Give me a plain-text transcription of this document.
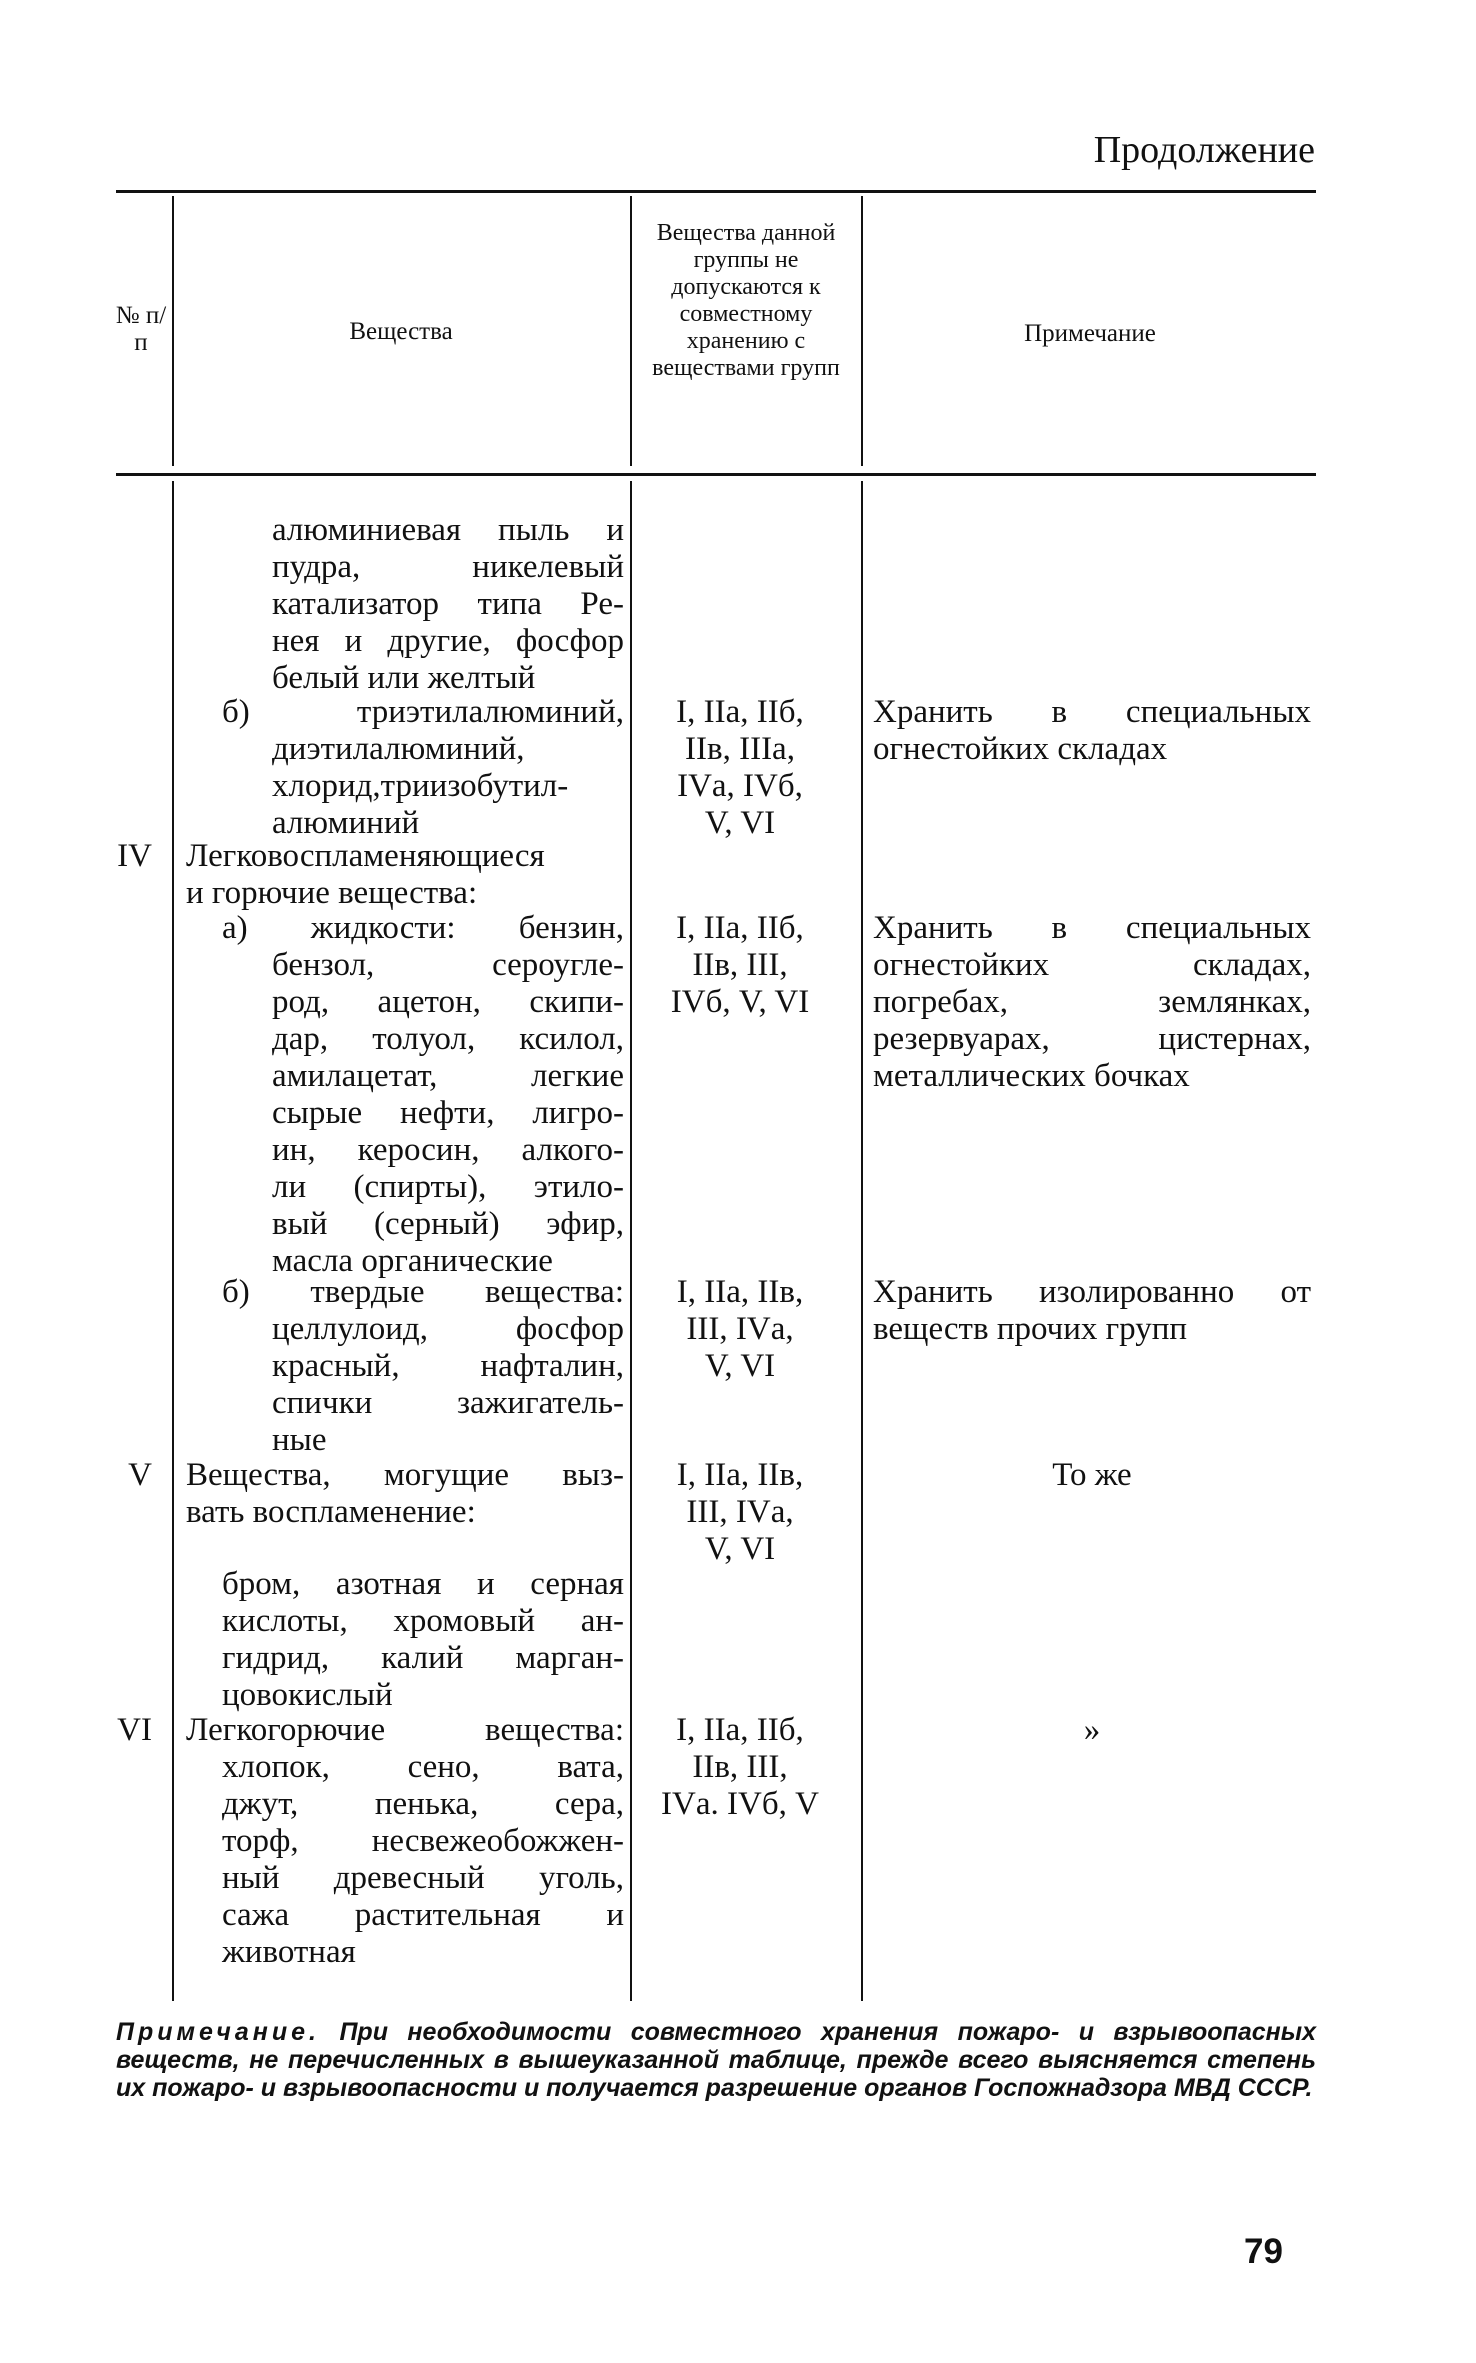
Продолжение
№ п/п	Вещества
Вещества данной группы не допускаются к совместному хранению с веществами групп
Примечание
алюминиевая пыль и
пудра, никелевый
катализатор типа Ре-
нея и другие, фосфор
белый или желтый
б) триэтилалюминий,
диэтилалюминий,
хлорид,триизобутил-
алюминий
I, IIа, IIб,
IIв, IIIа,
IVа, IVб,
V, VI
Хранить в специальных огнестойких складах
IV Легковоспламеняющиеся
и горючие вещества:
а) жидкости: бензин,
бензол, сероугле-
род, ацетон, скипи-
дар, толуол, ксилол,
амилацетат, легкие
сырые нефти, лигро-
ин, керосин, алкого-
ли (спирты), этило-
вый (серный) эфир,
масла органические
I, IIа, IIб,
IIв, III,
IVб, V, VI
Хранить в специальных огнестойких складах, погребах, землянках, резервуарах, цистернах, металлических бочках
б) твердые вещества:
целлулоид, фосфор
красный, нафталин,
спички зажигатель-
ные
I, IIа, IIв,
III, IVа,
V, VI
Хранить изолированно от веществ прочих групп
V Вещества, могущие выз-
вать воспламенение:
I, IIа, IIв,
III, IVа,
V, VI
То же
бром, азотная и серная
кислоты, хромовый ан-
гидрид, калий марган-
цовокислый
VI Легкогорючие вещества:
хлопок, сено, вата,
джут, пенька, сера,
торф, несвежеобожжен-
ный древесный уголь,
сажа растительная и
животная
I, IIа, IIб,
IIв, III,
IVа. IVб, V
»
Примечание. При необходимости совместного хранения пожаро- и взрывоопасных веществ, не перечисленных в вышеуказанной таблице, прежде всего выясняется степень их пожаро- и взрывоопасности и получается разрешение органов Госпожнадзора МВД СССР.
79
